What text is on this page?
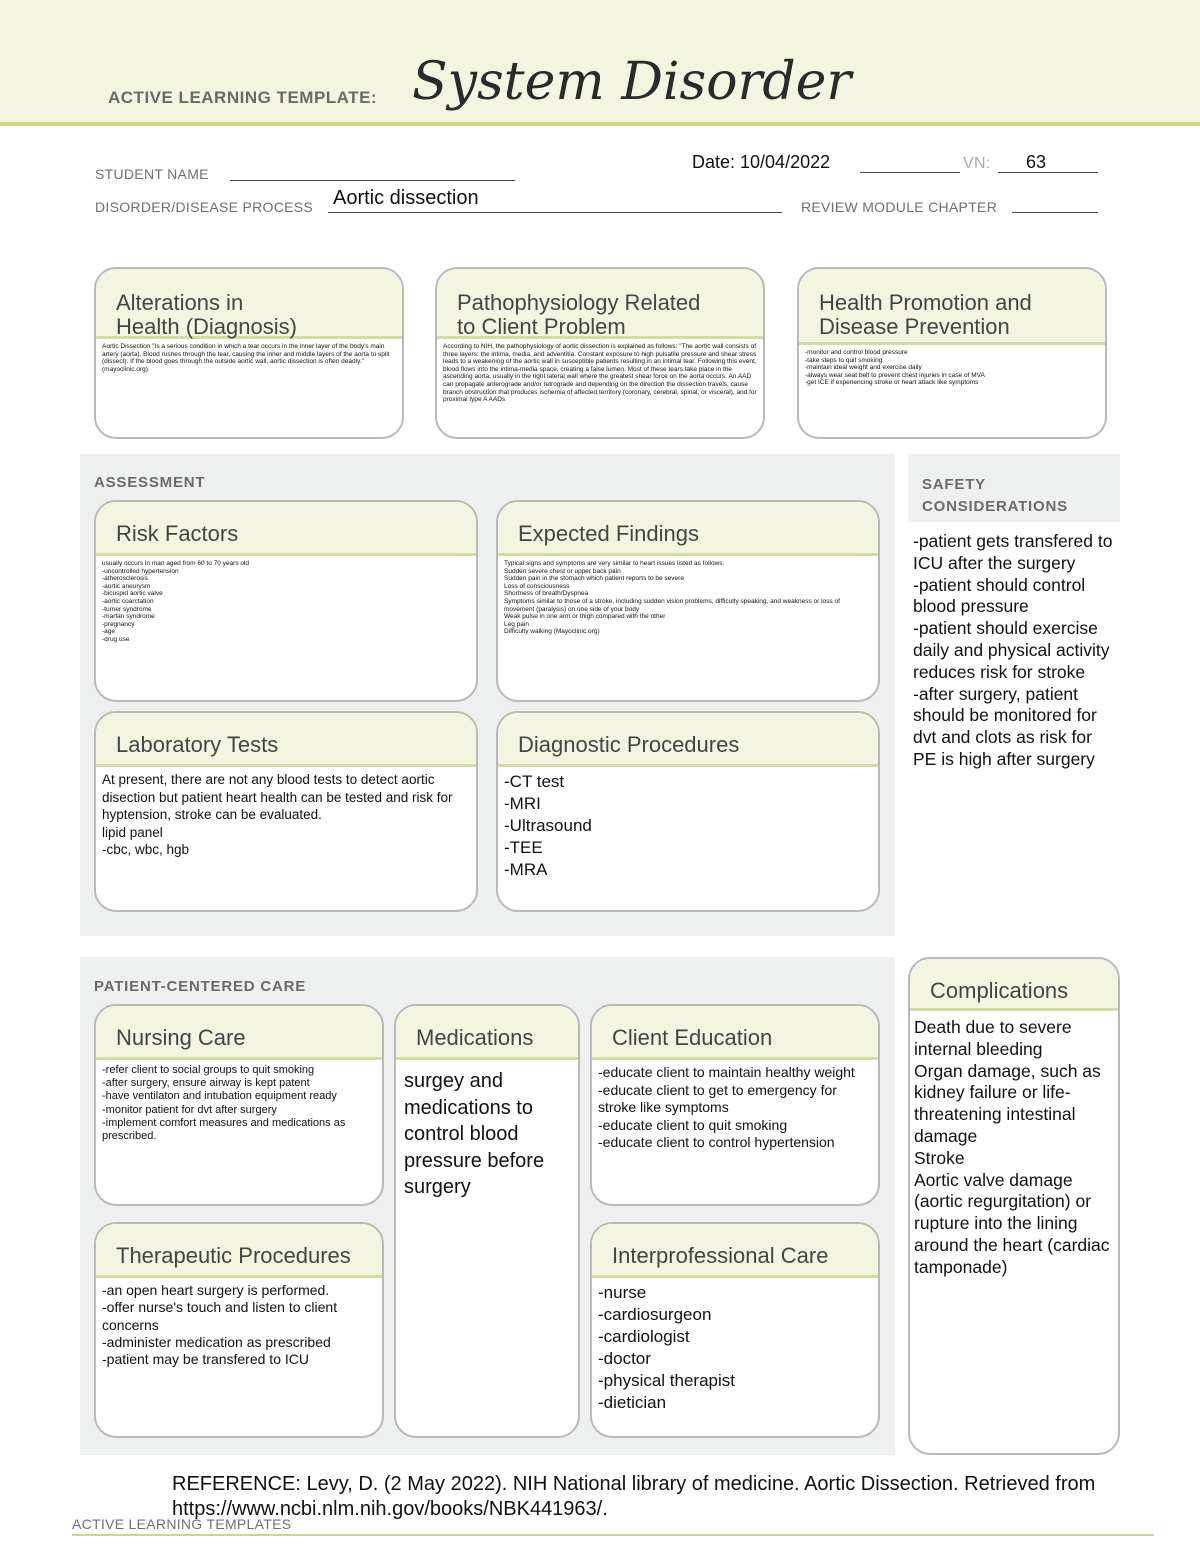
ACTIVE LEARNING TEMPLATE: System Disorder
STUDENT NAME
Date: 10/04/2022	VN: 63
DISORDER/DISEASE PROCESS Aortic dissection	REVIEW MODULE CHAPTER
Alterations in
Health (Diagnosis)
Aortic Dissection "Is a serious condition in which a tear occurs in the inner layer of the body's main artery (aorta). Blood rushes through the tear, causing the inner and middle layers of the aorta to split (dissect). If the blood goes through the outside aortic wall, aortic dissection is often deadly." (mayoclinic.org).
Pathophysiology Related
to Client Problem
According to NIH, the pathophysiology of aortic dissection is explained as follows: "The aortic wall consists of three layers: the intima, media, and adventitia. Constant exposure to high pulsatile pressure and shear stress leads to a weakening of the aortic wall in susceptible patients resulting in an intimal tear. Following this event, blood flows into the intima-media space, creating a false lumen. Most of these tears take place in the ascending aorta, usually in the right lateral wall where the greatest shear force on the aorta occurs. An AAD can propagate anterograde and/or retrograde and depending on the direction the dissection travels, cause branch obstruction that produces ischemia of affected territory (coronary, cerebral, spinal, or visceral), and for proximal type A AADs
Health Promotion and
Disease Prevention
-monitor and control blood pressure
-take steps to quit smoking
-maintain ideal weight and exercise daily
-always wear seat belt to prevent chest injuries in case of MVA
-get ICE if experiencing stroke or heart attack like symptoms
ASSESSMENT
Risk Factors
usually occurs in man aged from 60 to 70 years old
-uncontrolled hypertension
-atherosclerosis
-aortic aneurysm
-bicuspid aortic valve
-aortic coarctation
-turner syndrome
-marfan syndrome
-pregnancy
-age
-drug use
Expected Findings
Typical signs and symptoms are very similar to heart issues listed as follows:
Sudden severe chest or upper back pain
Sudden pain in the stomach which patient reports to be severe
Loss of consciousness
Shortness of breath/Dyspnea
Symptoms similar to those of a stroke, including sudden vision problems, difficulty speaking, and weakness or loss of movement (paralysis) on one side of your body
Weak pulse in one arm or thigh compared with the other
Leg pain
Difficulty walking (Mayoclinic.org)
Laboratory Tests
At present, there are not any blood tests to detect aortic disection but patient heart health can be tested and risk for hyptension, stroke can be evaluated.
lipid panel
-cbc, wbc, hgb
Diagnostic Procedures
-CT test
-MRI
-Ultrasound
-TEE
-MRA
SAFETY
CONSIDERATIONS
-patient gets transfered to ICU after the surgery
-patient should control blood pressure
-patient should exercise daily and physical activity reduces risk for stroke
-after surgery, patient should be monitored for dvt and clots as risk for PE is high after surgery
PATIENT-CENTERED CARE
Nursing Care
-refer client to social groups to quit smoking
-after surgery, ensure airway is kept patent
-have ventilaton and intubation equipment ready
-monitor patient for dvt after surgery
-implement comfort measures and medications as prescribed.
Medications
surgey and medications to control blood pressure before surgery
Client Education
-educate client to maintain healthy weight
-educate client to get to emergency for stroke like symptoms
-educate client to quit smoking
-educate client to control hypertension
Therapeutic Procedures
-an open heart surgery is performed.
-offer nurse's touch and listen to client concerns
-administer medication as prescribed
-patient may be transfered to ICU
Interprofessional Care
-nurse
-cardiosurgeon
-cardiologist
-doctor
-physical therapist
-dietician
Complications
Death due to severe internal bleeding
Organ damage, such as kidney failure or life-threatening intestinal damage
Stroke
Aortic valve damage (aortic regurgitation) or rupture into the lining around the heart (cardiac tamponade)
REFERENCE: Levy, D. (2 May 2022). NIH National library of medicine. Aortic Dissection. Retrieved from https://www.ncbi.nlm.nih.gov/books/NBK441963/.
ACTIVE LEARNING TEMPLATES
